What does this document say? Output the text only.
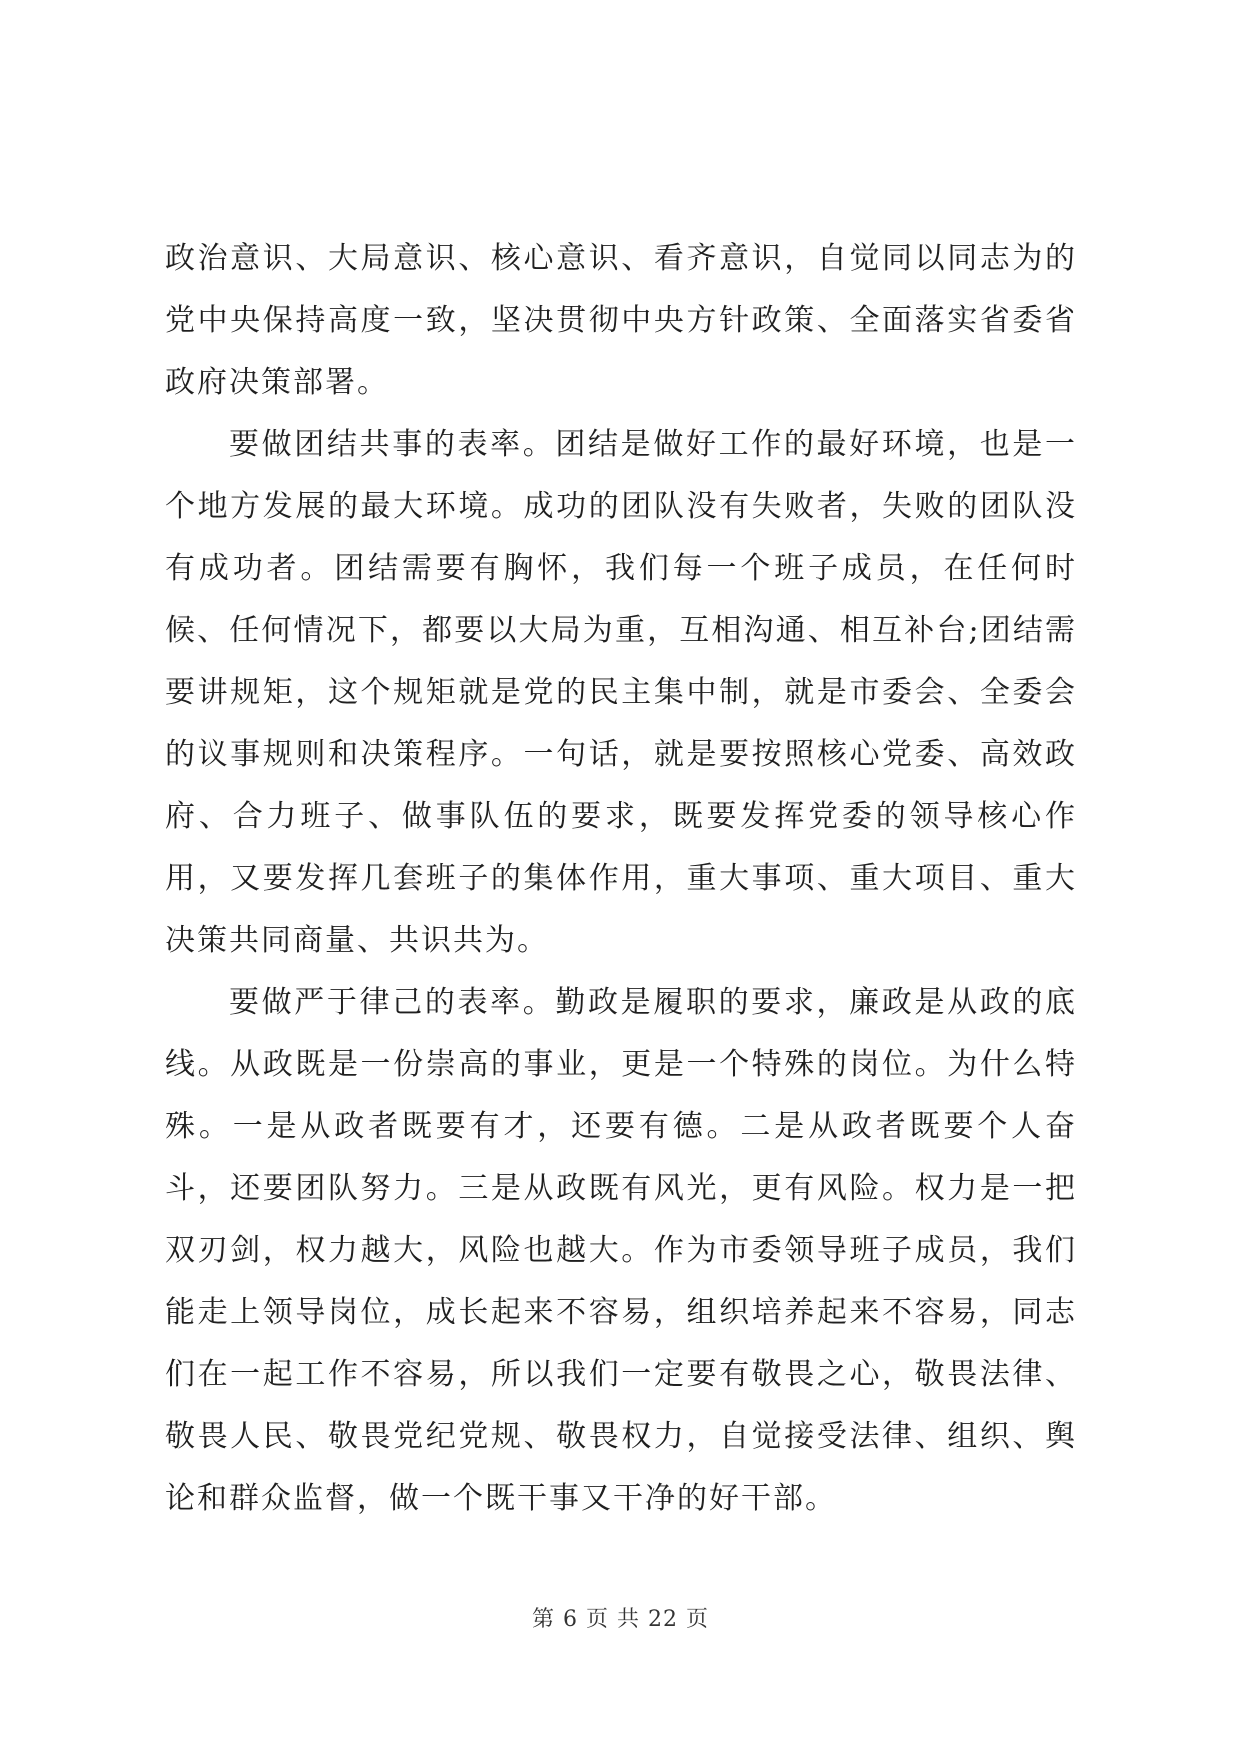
政治意识、大局意识、核心意识、看齐意识，自觉同以同志为的党中央保持高度一致，坚决贯彻中央方针政策、全面落实省委省政府决策部署。

要做团结共事的表率。团结是做好工作的最好环境，也是一个地方发展的最大环境。成功的团队没有失败者，失败的团队没有成功者。团结需要有胸怀，我们每一个班子成员，在任何时候、任何情况下，都要以大局为重，互相沟通、相互补台;团结需要讲规矩，这个规矩就是党的民主集中制，就是市委会、全委会的议事规则和决策程序。一句话，就是要按照核心党委、高效政府、合力班子、做事队伍的要求，既要发挥党委的领导核心作用，又要发挥几套班子的集体作用，重大事项、重大项目、重大决策共同商量、共识共为。

要做严于律己的表率。勤政是履职的要求，廉政是从政的底线。从政既是一份崇高的事业，更是一个特殊的岗位。为什么特殊。一是从政者既要有才，还要有德。二是从政者既要个人奋斗，还要团队努力。三是从政既有风光，更有风险。权力是一把双刃剑，权力越大，风险也越大。作为市委领导班子成员，我们能走上领导岗位，成长起来不容易，组织培养起来不容易，同志们在一起工作不容易，所以我们一定要有敬畏之心，敬畏法律、敬畏人民、敬畏党纪党规、敬畏权力，自觉接受法律、组织、舆论和群众监督，做一个既干事又干净的好干部。

第 6 页 共 22 页
